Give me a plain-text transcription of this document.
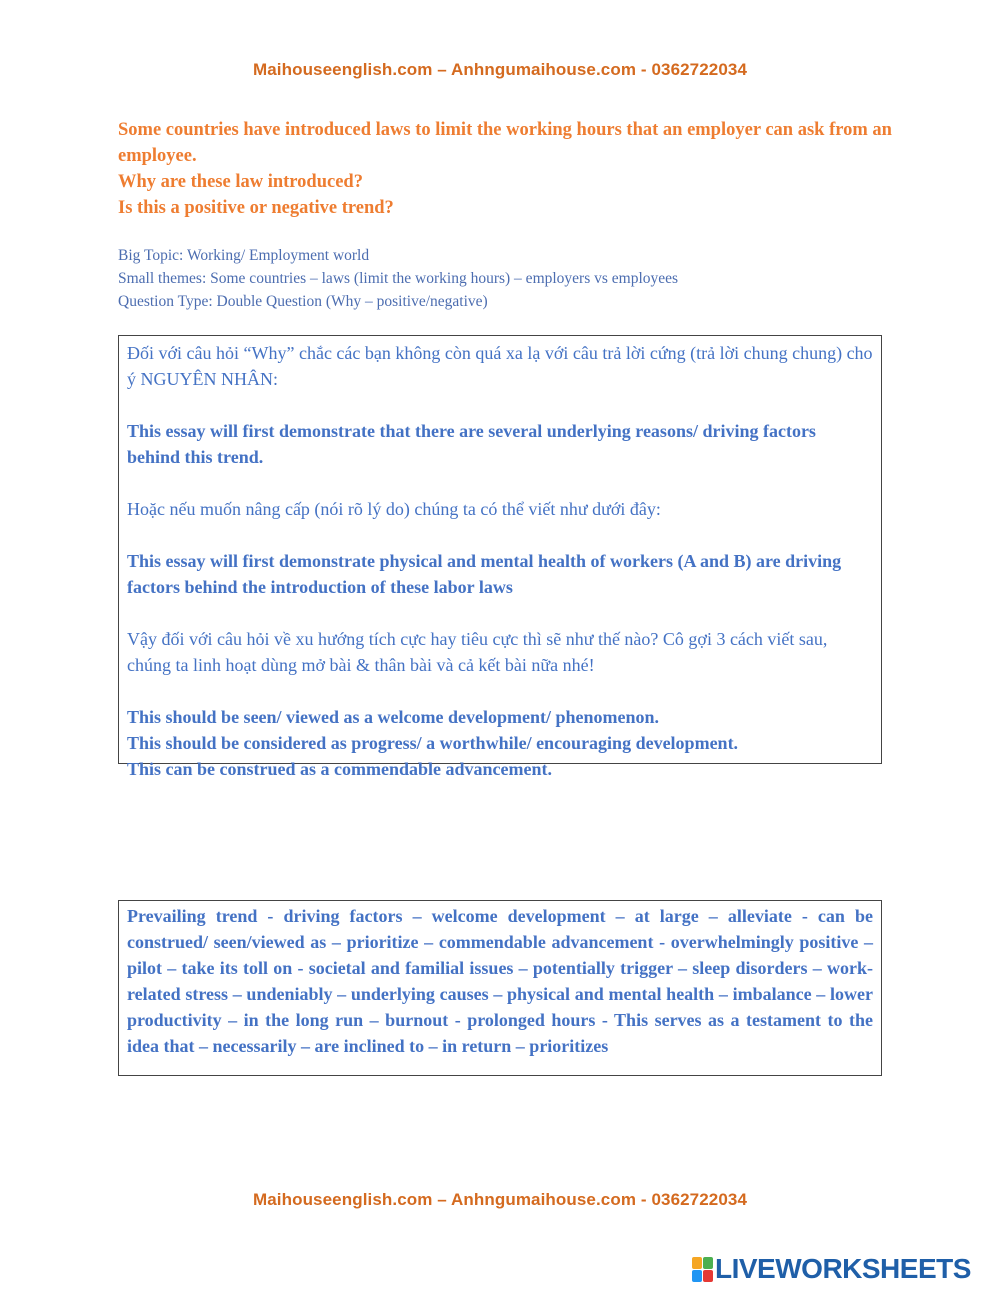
Maihouseenglish.com – Anhngumaihouse.com - 0362722034
Some countries have introduced laws to limit the working hours that an employer can ask from an employee.
Why are these law introduced?
Is this a positive or negative trend?
Big Topic: Working/ Employment world
Small themes: Some countries – laws (limit the working hours) – employers vs employees
Question Type: Double Question (Why – positive/negative)

Đối với câu hỏi “Why” chắc các bạn không còn quá xa lạ với câu trả lời cứng (trả lời chung chung) cho ý NGUYÊN NHÂN:

This essay will first demonstrate that there are several underlying reasons/ driving factors behind this trend.

Hoặc nếu muốn nâng cấp (nói rõ lý do) chúng ta có thể viết như dưới đây:

This essay will first demonstrate physical and mental health of workers (A and B) are driving factors behind the introduction of these labor laws

Vậy đối với câu hỏi về xu hướng tích cực hay tiêu cực thì sẽ như thế nào? Cô gợi 3 cách viết sau, chúng ta linh hoạt dùng mở bài & thân bài và cả kết bài nữa nhé!

This should be seen/ viewed as a welcome development/ phenomenon.

This should be considered as progress/ a worthwhile/ encouraging development.

This can be construed as a commendable advancement.

Prevailing trend - driving factors – welcome development – at large – alleviate - can be construed/ seen/viewed as – prioritize – commendable advancement - overwhelmingly positive – pilot – take its toll on - societal and familial issues – potentially trigger – sleep disorders – work-related stress – undeniably – underlying causes – physical and mental health – imbalance – lower productivity – in the long run – burnout - prolonged hours - This serves as a testament to the idea that – necessarily – are inclined to – in return – prioritizes
Maihouseenglish.com – Anhngumaihouse.com - 0362722034
LIVEWORKSHEETS
